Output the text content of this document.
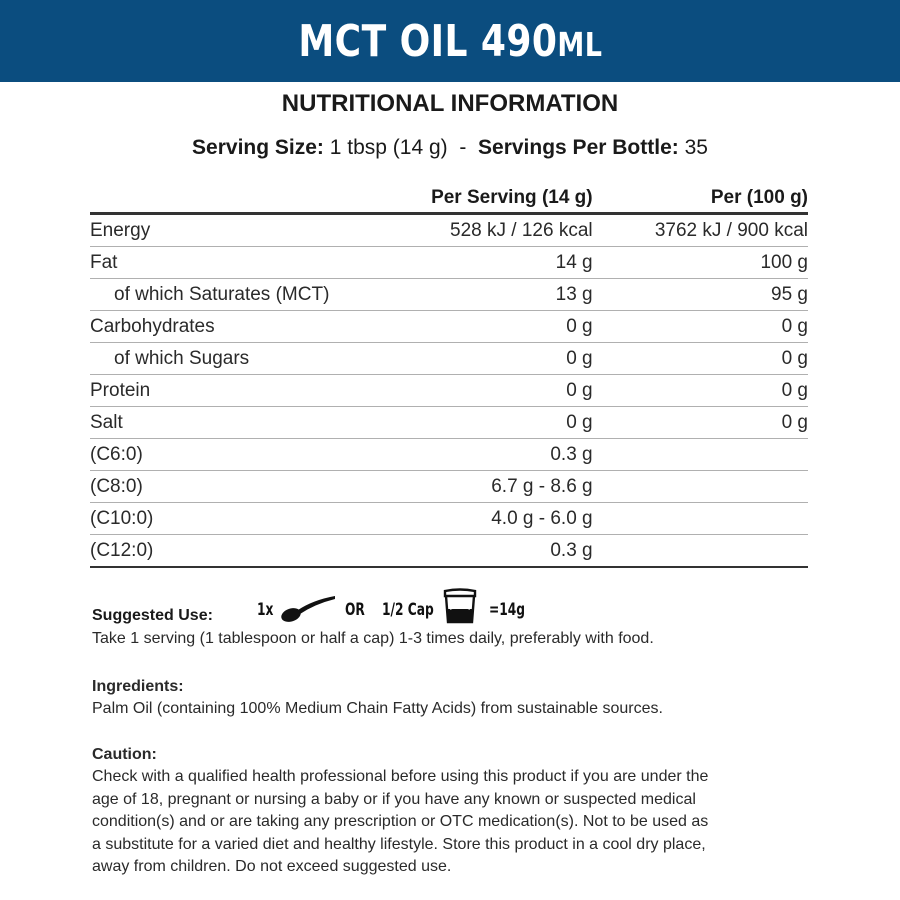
MCT OIL 490ML
NUTRITIONAL INFORMATION
Serving Size: 1 tbsp (14 g) - Servings Per Bottle: 35
	Per Serving (14 g)	Per (100 g)
Energy	528 kJ / 126 kcal	3762 kJ / 900 kcal
Fat	14 g	100 g
of which Saturates (MCT)	13 g	95 g
Carbohydrates	0 g	0 g
of which Sugars	0 g	0 g
Protein	0 g	0 g
Salt	0 g	0 g
(C6:0)	0.3 g	
(C8:0)	6.7 g - 8.6 g	
(C10:0)	4.0 g - 6.0 g	
(C12:0)	0.3 g	
Suggested Use:	1x	OR 1/2 Cap	=14g
Take 1 serving (1 tablespoon or half a cap) 1-3 times daily, preferably with food.
Ingredients:
Palm Oil (containing 100% Medium Chain Fatty Acids) from sustainable sources.
Caution:
Check with a qualified health professional before using this product if you are under the
age of 18, pregnant or nursing a baby or if you have any known or suspected medical
condition(s) and or are taking any prescription or OTC medication(s). Not to be used as
a substitute for a varied diet and healthy lifestyle. Store this product in a cool dry place,
away from children. Do not exceed suggested use.
